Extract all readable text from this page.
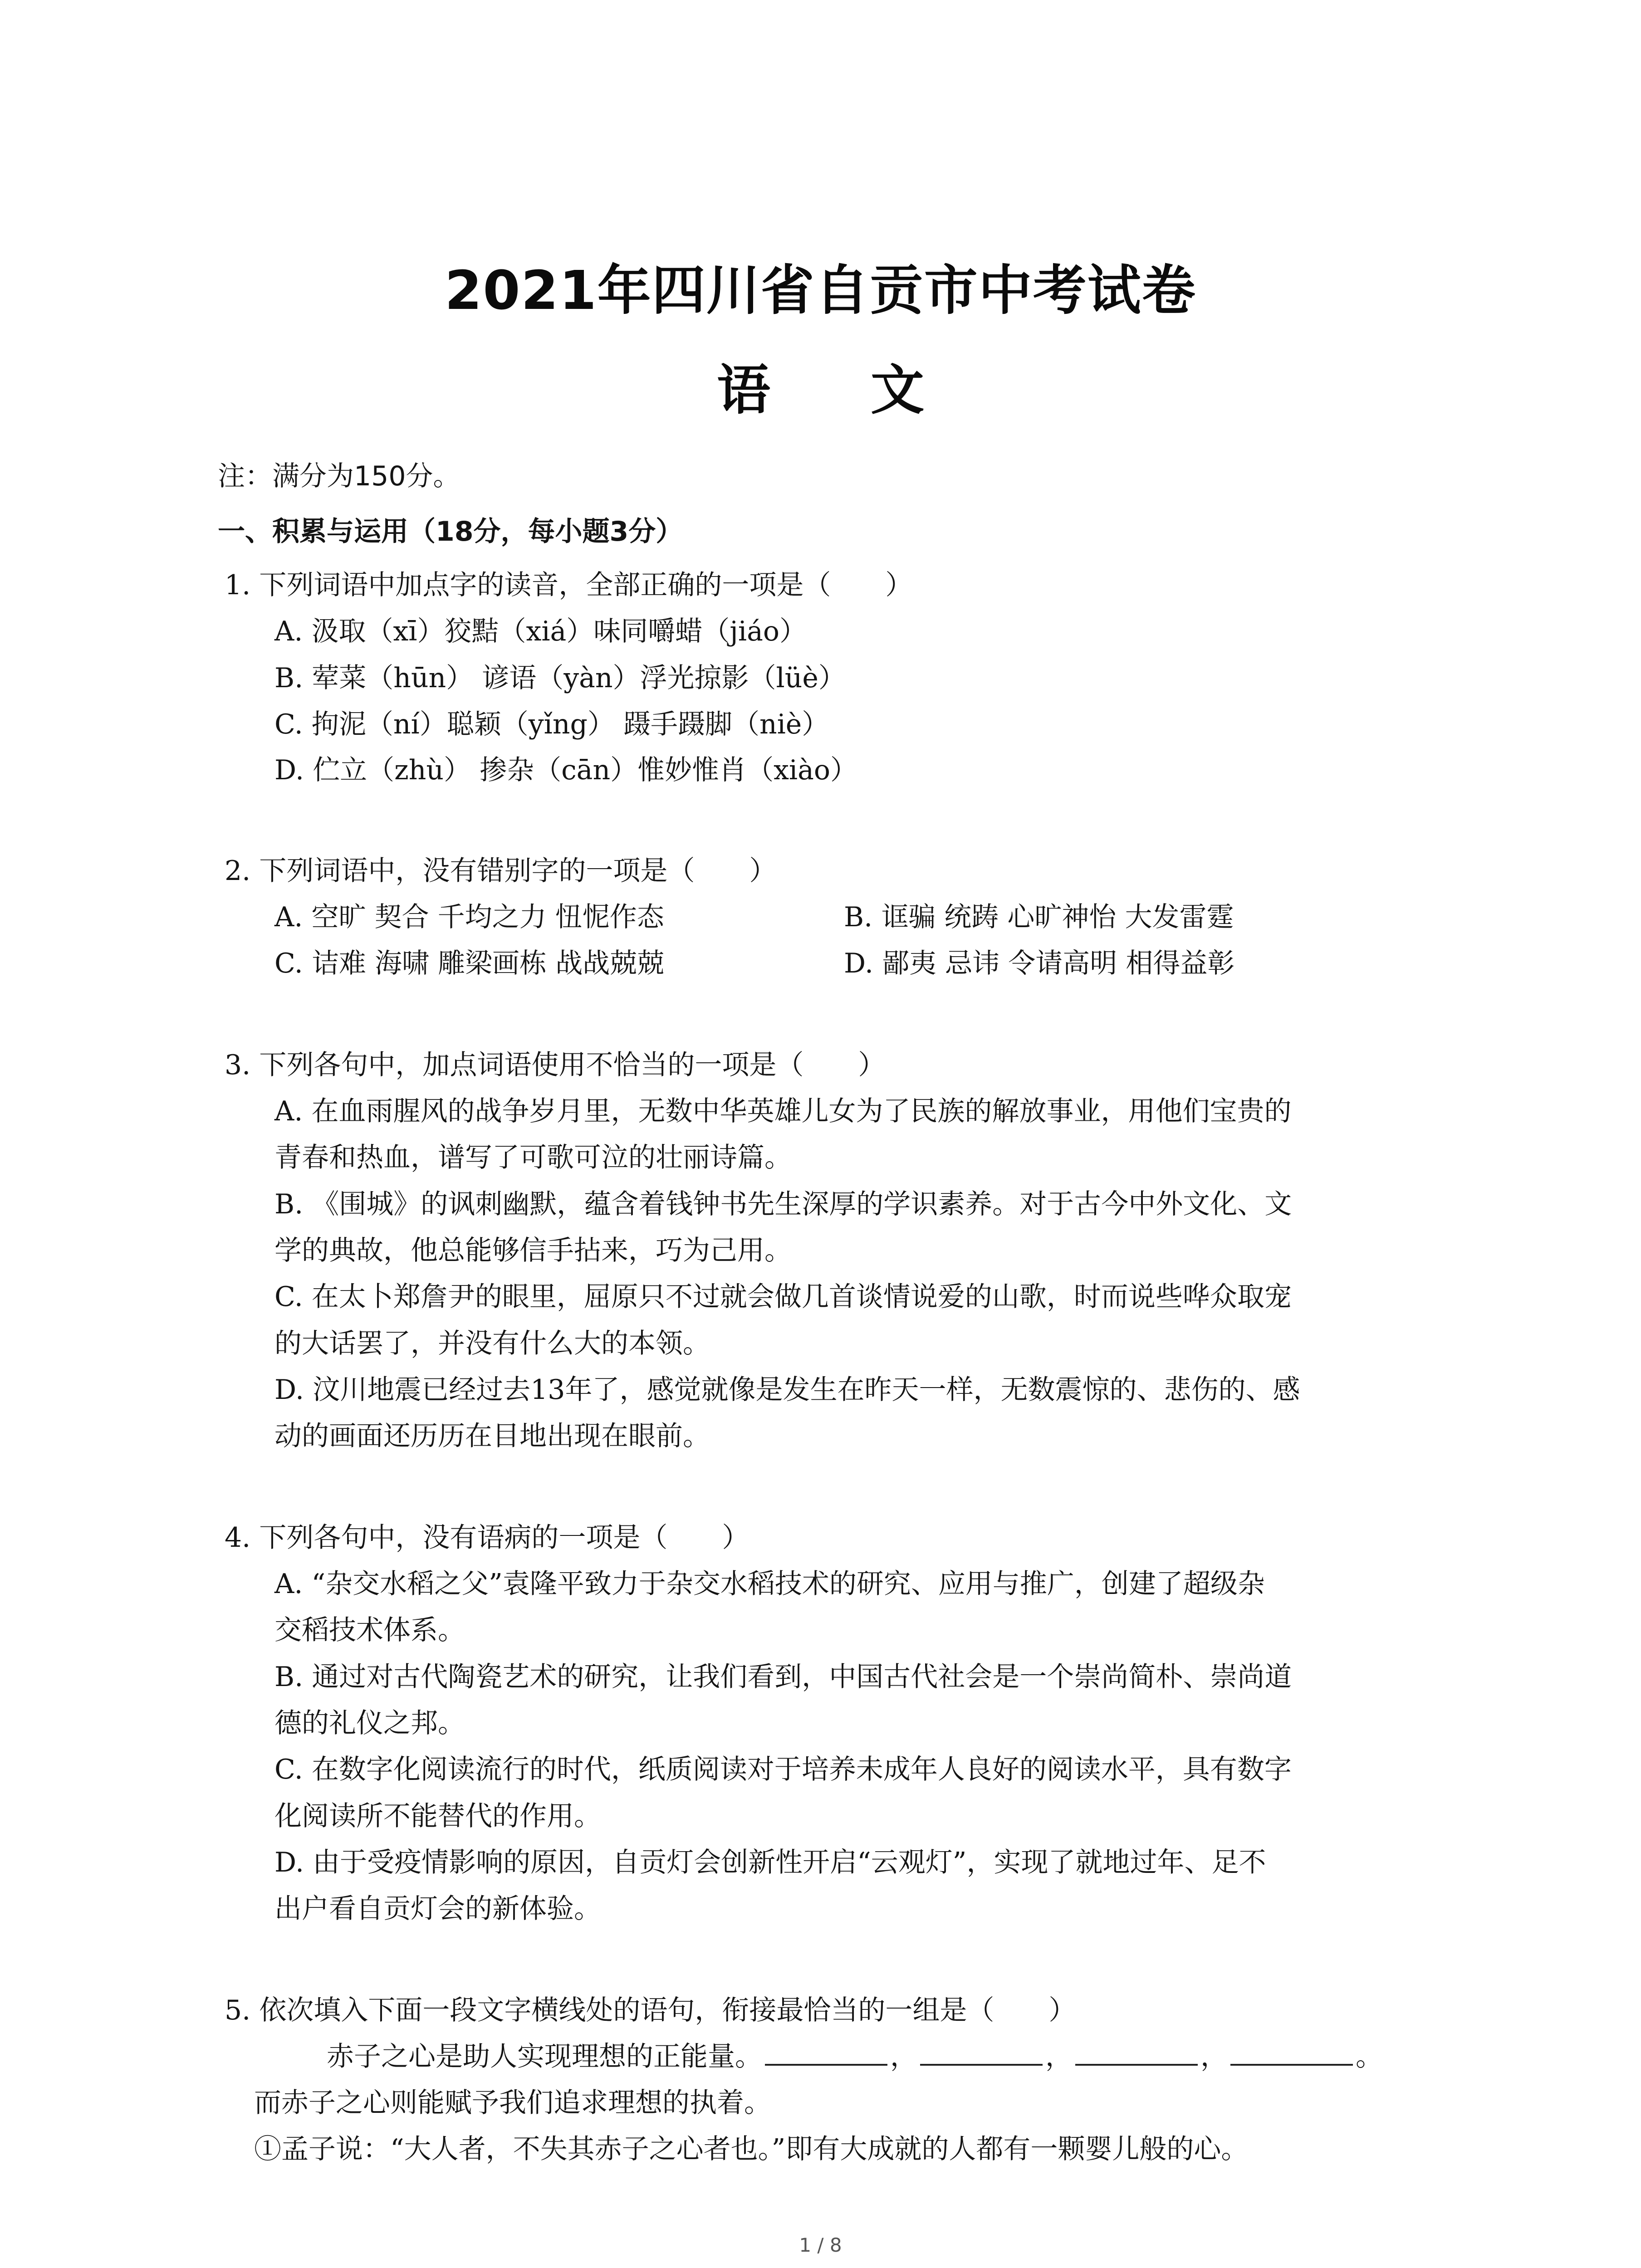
2021年四川省自贡市中考试卷
语 文
注：满分为150分。
一、积累与运用（18分，每小题3分）
1. 下列词语中加点字的读音，全部正确的一项是（　　）
A. 汲取（xī）狡黠（xiá）味同嚼蜡（jiáo）
B. 荤菜（hūn） 谚语（yàn）浮光掠影（lüè）
C. 拘泥（ní）聪颖（yǐng） 蹑手蹑脚（niè）
D. 伫立（zhù） 掺杂（cān）惟妙惟肖（xiào）
2. 下列词语中，没有错别字的一项是（　　）
A. 空旷 契合 千均之力 忸怩作态	B. 诓骗 统踌 心旷神怡 大发雷霆
C. 诘难 海啸 雕梁画栋 战战兢兢	D. 鄙夷 忌讳 令请高明 相得益彰
3. 下列各句中，加点词语使用不恰当的一项是（　　）
A. 在血雨腥风的战争岁月里，无数中华英雄儿女为了民族的解放事业，用他们宝贵的
青春和热血，谱写了可歌可泣的壮丽诗篇。
B. 《围城》的讽刺幽默，蕴含着钱钟书先生深厚的学识素养。对于古今中外文化、文
学的典故，他总能够信手拈来，巧为己用。
C. 在太卜郑詹尹的眼里，屈原只不过就会做几首谈情说爱的山歌，时而说些哗众取宠
的大话罢了，并没有什么大的本领。
D. 汶川地震已经过去13年了，感觉就像是发生在昨天一样，无数震惊的、悲伤的、感
动的画面还历历在目地出现在眼前。
4. 下列各句中，没有语病的一项是（　　）
A. “杂交水稻之父”袁隆平致力于杂交水稻技术的研究、应用与推广，创建了超级杂
交稻技术体系。
B. 通过对古代陶瓷艺术的研究，让我们看到，中国古代社会是一个崇尚简朴、崇尚道
德的礼仪之邦。
C. 在数字化阅读流行的时代，纸质阅读对于培养未成年人良好的阅读水平，具有数字
化阅读所不能替代的作用。
D. 由于受疫情影响的原因，自贡灯会创新性开启“云观灯”，实现了就地过年、足不
出户看自贡灯会的新体验。
5. 依次填入下面一段文字横线处的语句，衔接最恰当的一组是（　　）
赤子之心是助人实现理想的正能量。	，	，	，	。
而赤子之心则能赋予我们追求理想的执着。
①孟子说：“大人者，不失其赤子之心者也。”即有大成就的人都有一颗婴儿般的心。
1 / 8
